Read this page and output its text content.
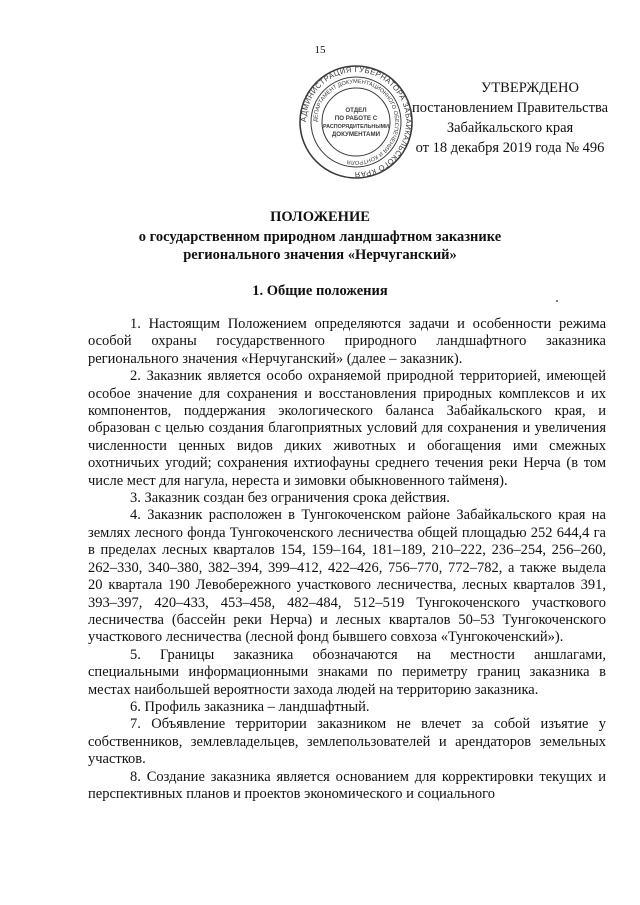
15
АДМИНИСТРАЦИЯ ГУБЕРНАТОРА ЗАБАЙКАЛЬСКОГО КРАЯ
ДЕПАРТАМЕНТ ДОКУМЕНТАЦИОННОГО ОБЕСПЕЧЕНИЯ И КОНТРОЛЯ
ОТДЕЛ
ПО РАБОТЕ С
РАСПОРЯДИТЕЛЬНЫМИ
ДОКУМЕНТАМИ
УТВЕРЖДЕНО
постановлением Правительства
Забайкальского края
от 18 декабря 2019 года № 496
ПОЛОЖЕНИЕ
о государственном природном ландшафтном заказнике
регионального значения «Нерчуганский»
1. Общие положения

1. Настоящим Положением определяются задачи и особенности режима особой охраны государственного природного ландшафтного заказника регионального значения «Нерчуганский» (далее – заказник).

2. Заказник является особо охраняемой природной территорией, имеющей особое значение для сохранения и восстановления природных комплексов и их компонентов, поддержания экологического баланса Забайкальского края, и образован с целью создания благоприятных условий для сохранения и увеличения численности ценных видов диких животных и обогащения ими смежных охотничьих угодий; сохранения ихтиофауны среднего течения реки Нерча (в том числе мест для нагула, нереста и зимовки обыкновенного тайменя).

3. Заказник создан без ограничения срока действия.

4. Заказник расположен в Тунгокоченском районе Забайкальского края на землях лесного фонда Тунгокоченского лесничества общей площадью 252 644,4 га в пределах лесных кварталов 154, 159–164, 181–189, 210–222, 236–254, 256–260, 262–330, 340–380, 382–394, 399–412, 422–426, 756–770, 772–782, а также выдела 20 квартала 190 Левобережного участкового лесничества, лесных кварталов 391, 393–397, 420–433, 453–458, 482–484, 512–519 Тунгокоченского участкового лесничества (бассейн реки Нерча) и лесных кварталов 50–53 Тунгокоченского участкового лесничества (лесной фонд бывшего совхоза «Тунгокоченский»).

5. Границы заказника обозначаются на местности аншлагами, специальными информационными знаками по периметру границ заказника в местах наибольшей вероятности захода людей на территорию заказника.

6. Профиль заказника – ландшафтный.

7. Объявление территории заказником не влечет за собой изъятие у собственников, землевладельцев, землепользователей и арендаторов земельных участков.

8. Создание заказника является основанием для корректировки текущих и перспективных планов и проектов экономического и социального
